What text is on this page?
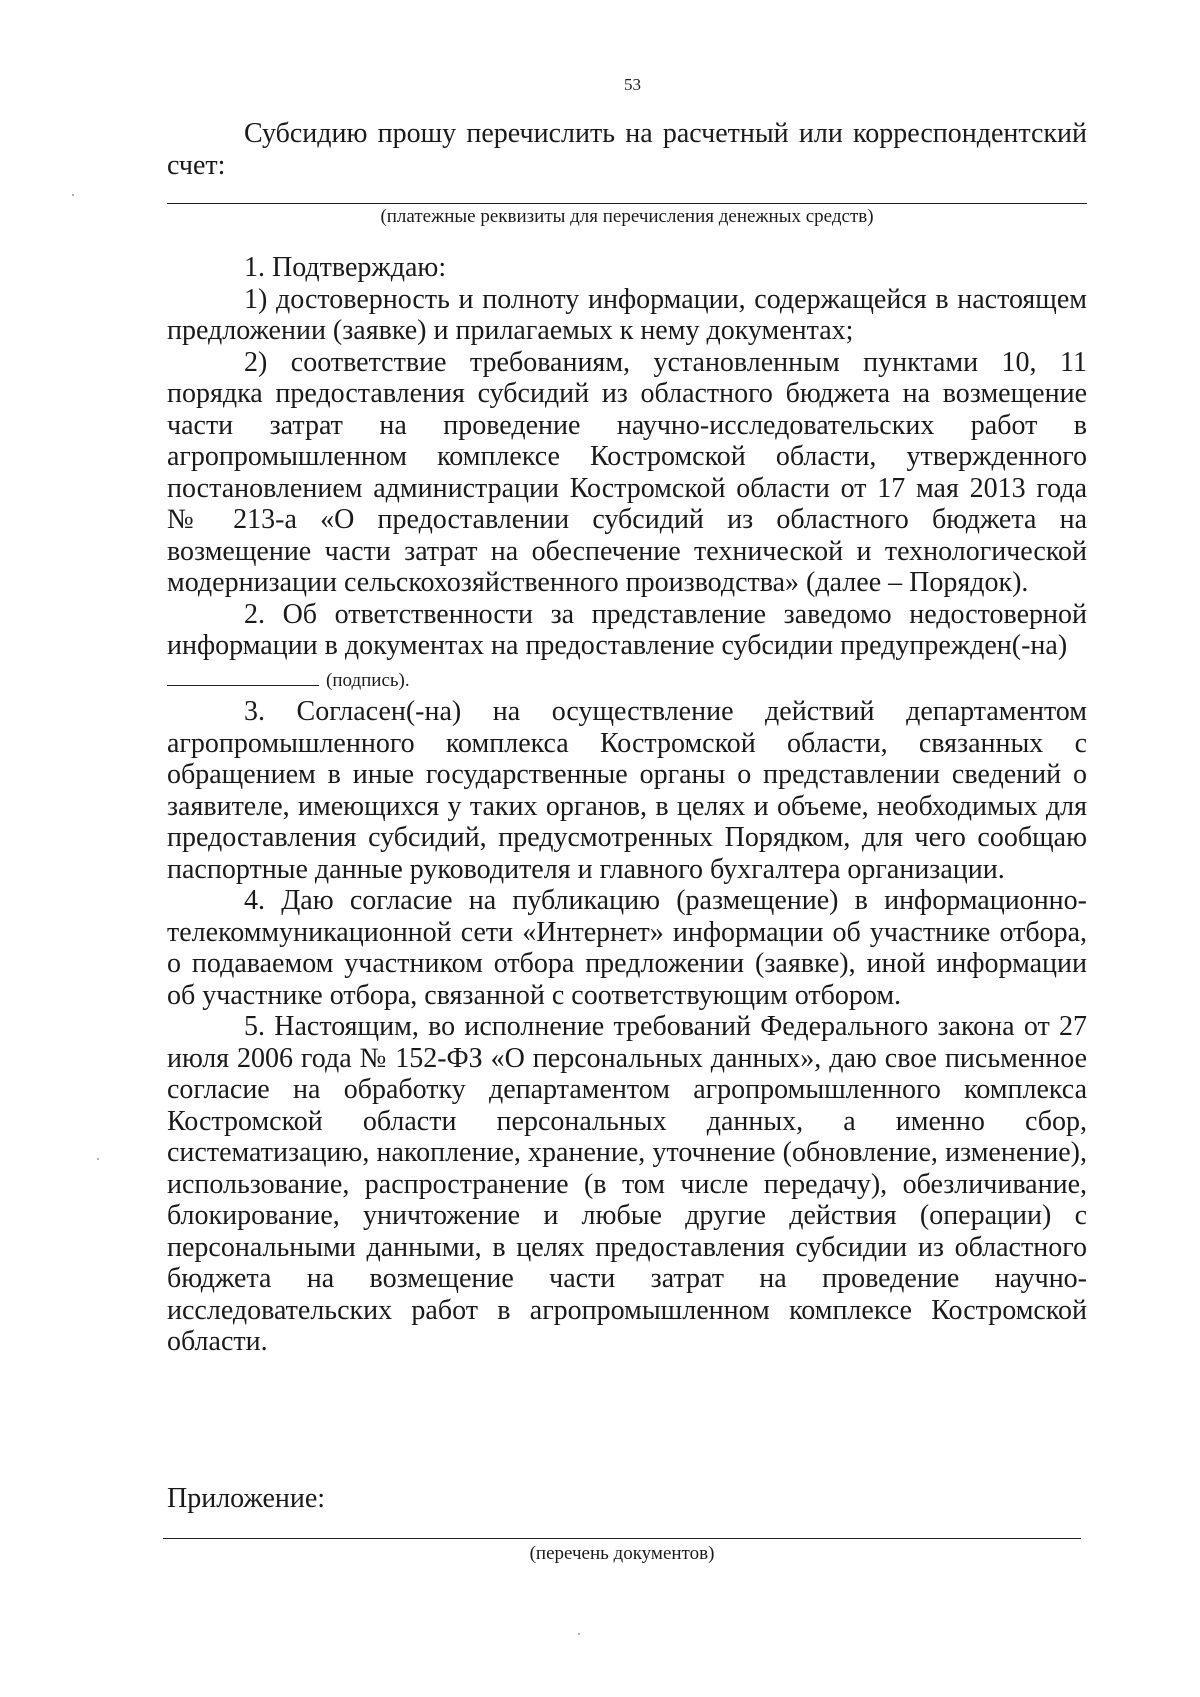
53

Субсидию прошу перечислить на расчетный или корреспондентский счет:

(платежные реквизиты для перечисления денежных средств)

1. Подтверждаю:

1) достоверность и полноту информации, содержащейся в настоящем предложении (заявке) и прилагаемых к нему документах;

2) соответствие требованиям, установленным пунктами 10, 11 порядка предоставления субсидий из областного бюджета на возмещение части затрат на проведение научно-исследовательских работ в агропромышленном комплексе Костромской области, утвержденного постановлением администрации Костромской области от 17 мая 2013 года № 213-а «О предоставлении субсидий из областного бюджета на возмещение части затрат на обеспечение технической и технологической модернизации сельскохозяйственного производства» (далее – Порядок).

2. Об ответственности за представление заведомо недостоверной информации в документах на предоставление субсидии предупрежден(-на)

(подпись).

3. Согласен(-на) на осуществление действий департаментом агропромышленного комплекса Костромской области, связанных с обращением в иные государственные органы о представлении сведений о заявителе, имеющихся у таких органов, в целях и объеме, необходимых для предоставления субсидий, предусмотренных Порядком, для чего сообщаю паспортные данные руководителя и главного бухгалтера организации.

4. Даю согласие на публикацию (размещение) в информационно-телекоммуникационной сети «Интернет» информации об участнике отбора, о подаваемом участником отбора предложении (заявке), иной информации об участнике отбора, связанной с соответствующим отбором.

5. Настоящим, во исполнение требований Федерального закона от 27 июля 2006 года № 152-ФЗ «О персональных данных», даю свое письменное согласие на обработку департаментом агропромышленного комплекса Костромской области персональных данных, а именно сбор, систематизацию, накопление, хранение, уточнение (обновление, изменение), использование, распространение (в том числе передачу), обезличивание, блокирование, уничтожение и любые другие действия (операции) с персональными данными, в целях предоставления субсидии из областного бюджета на возмещение части затрат на проведение научно-исследовательских работ в агропромышленном комплексе Костромской области.

Приложение:

(перечень документов)
